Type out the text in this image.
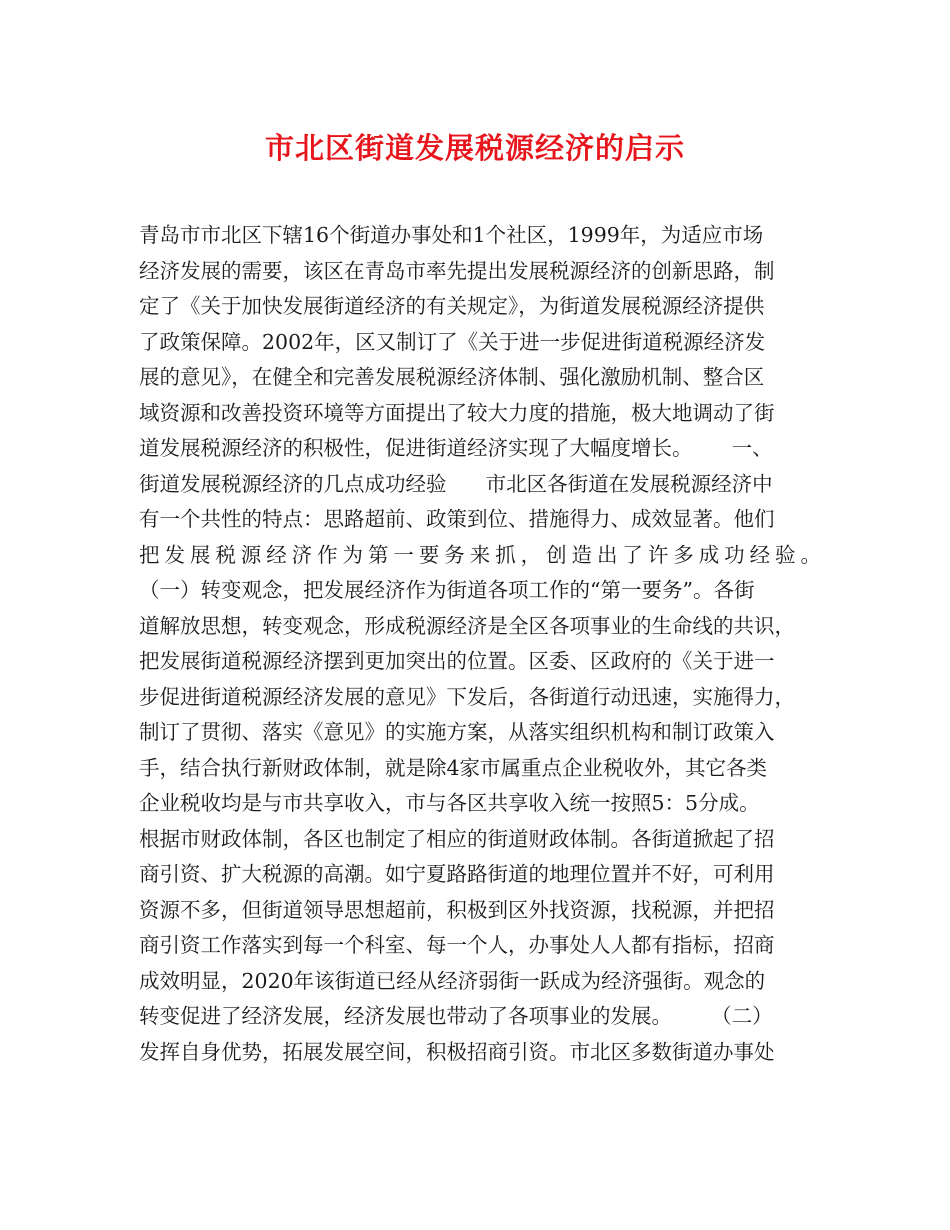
市北区街道发展税源经济的启示
青岛市市北区下辖16个街道办事处和1个社区，1999年，为适应市场
经济发展的需要，该区在青岛市率先提出发展税源经济的创新思路，制
定了《关于加快发展街道经济的有关规定》，为街道发展税源经济提供
了政策保障。2002年，区又制订了《关于进一步促进街道税源经济发
展的意见》，在健全和完善发展税源经济体制、强化激励机制、整合区
域资源和改善投资环境等方面提出了较大力度的措施，极大地调动了街
道发展税源经济的积极性，促进街道经济实现了大幅度增长。      一、
街道发展税源经济的几点成功经验      市北区各街道在发展税源经济中
有一个共性的特点：思路超前、政策到位、措施得力、成效显著。他们
把发展税源经济作为第一要务来抓，创造出了许多成功经验。
（一）转变观念，把发展经济作为街道各项工作的“第一要务”。各街
道解放思想，转变观念，形成税源经济是全区各项事业的生命线的共识，
把发展街道税源经济摆到更加突出的位置。区委、区政府的《关于进一
步促进街道税源经济发展的意见》下发后，各街道行动迅速，实施得力，
制订了贯彻、落实《意见》的实施方案，从落实组织机构和制订政策入
手，结合执行新财政体制，就是除4家市属重点企业税收外，其它各类
企业税收均是与市共享收入，市与各区共享收入统一按照5：5分成。
根据市财政体制，各区也制定了相应的街道财政体制。各街道掀起了招
商引资、扩大税源的高潮。如宁夏路路街道的地理位置并不好，可利用
资源不多，但街道领导思想超前，积极到区外找资源，找税源，并把招
商引资工作落实到每一个科室、每一个人，办事处人人都有指标，招商
成效明显，2020年该街道已经从经济弱街一跃成为经济强街。观念的
转变促进了经济发展，经济发展也带动了各项事业的发展。      （二）
发挥自身优势，拓展发展空间，积极招商引资。市北区多数街道办事处
